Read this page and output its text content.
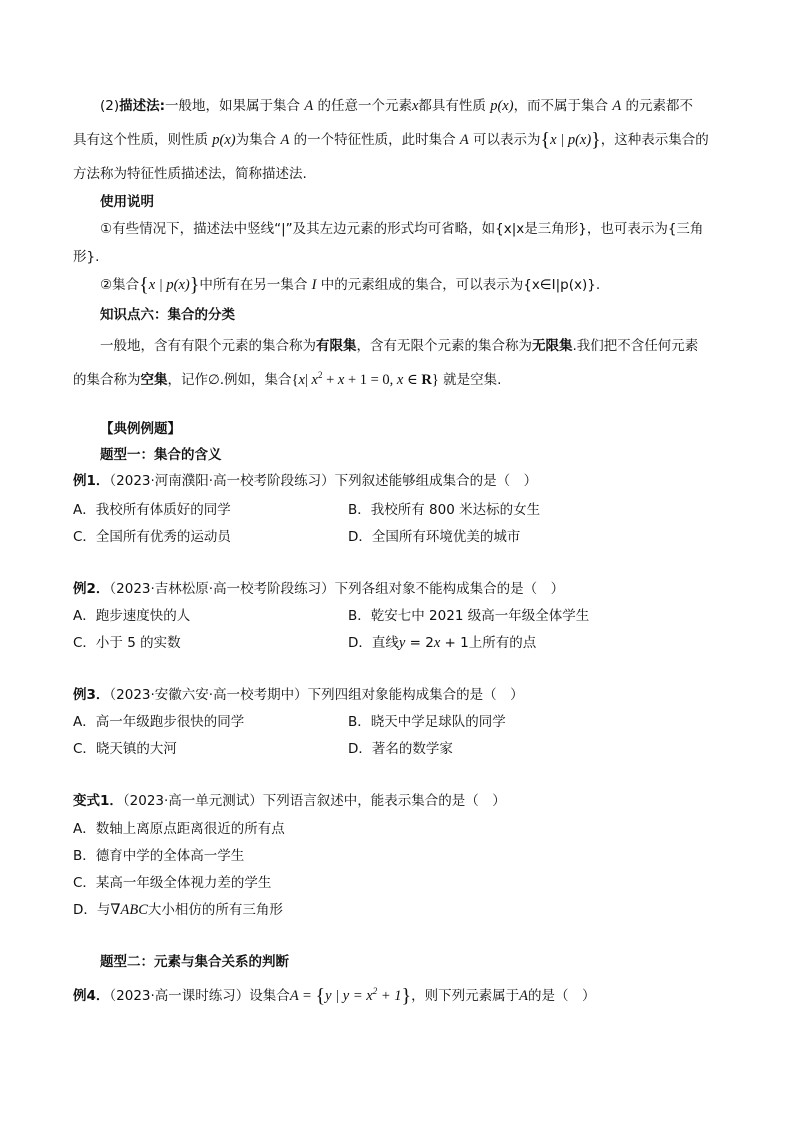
(2)描述法:一般地，如果属于集合 A 的任意一个元素x都具有性质 p(x)，而不属于集合 A 的元素都不
具有这个性质，则性质 p(x)为集合 A 的一个特征性质，此时集合 A 可以表示为{x | p(x)}，这种表示集合的
方法称为特征性质描述法，简称描述法.
使用说明
①有些情况下，描述法中竖线“|”及其左边元素的形式均可省略，如{x|x是三角形}，也可表示为{三角
形}.
②集合{x | p(x)}中所有在另一集合 I 中的元素组成的集合，可以表示为{x∈I|p(x)}.
知识点六：集合的分类
一般地，含有有限个元素的集合称为有限集，含有无限个元素的集合称为无限集.我们把不含任何元素
的集合称为空集，记作∅.例如，集合{x| $x^2 + x + 1 = 0$, x ∈ R} 就是空集.
【典例例题】
题型一：集合的含义
例1．（2023·河南濮阳·高一校考阶段练习）下列叙述能够组成集合的是（　）
A．我校所有体质好的同学	B．我校所有 800 米达标的女生
C．全国所有优秀的运动员	D．全国所有环境优美的城市
例2．（2023·吉林松原·高一校考阶段练习）下列各组对象不能构成集合的是（　）
A．跑步速度快的人	B．乾安七中 2021 级高一年级全体学生
C．小于 5 的实数	D．直线y = 2x + 1上所有的点
例3．（2023·安徽六安·高一校考期中）下列四组对象能构成集合的是（　）
A．高一年级跑步很快的同学	B．晓天中学足球队的同学
C．晓天镇的大河	D．著名的数学家
变式1．（2023·高一单元测试）下列语言叙述中，能表示集合的是（　）
A．数轴上离原点距离很近的所有点
B．德育中学的全体高一学生
C．某高一年级全体视力差的学生
D．与∇ABC大小相仿的所有三角形
题型二：元素与集合关系的判断
例4．（2023·高一课时练习）设集合A = {y | $y = x^2 + 1$}，则下列元素属于A的是（　）
